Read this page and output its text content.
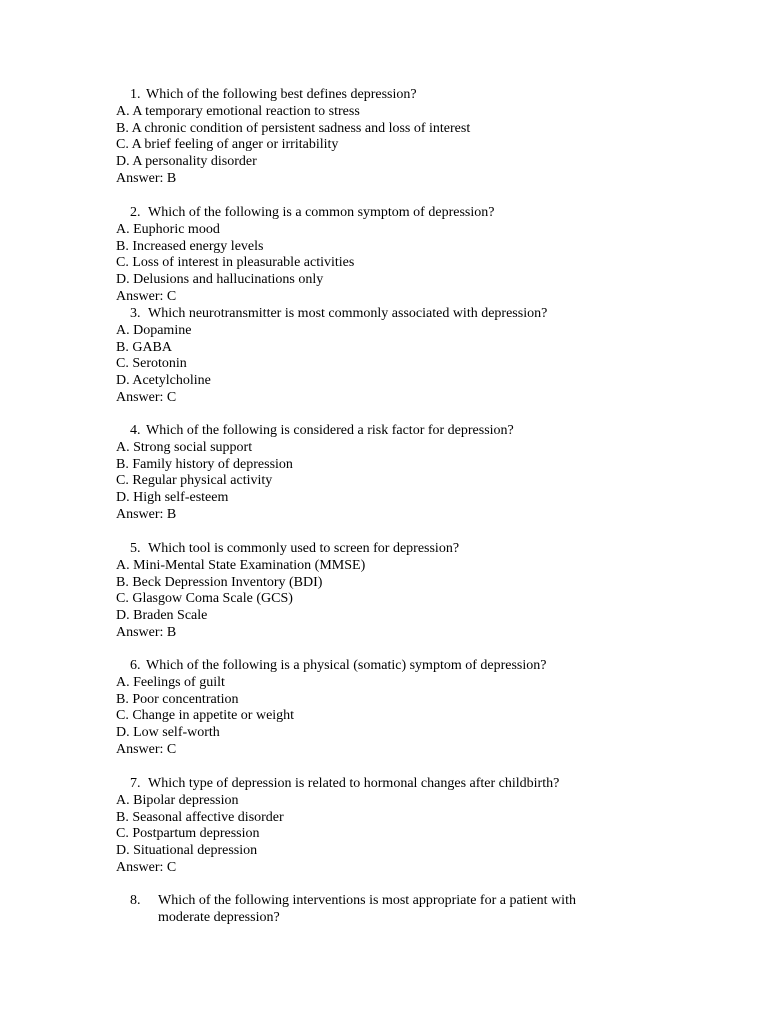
1. Which of the following best defines depression?
A. A temporary emotional reaction to stress
B. A chronic condition of persistent sadness and loss of interest
C. A brief feeling of anger or irritability
D. A personality disorder
Answer: B
2. Which of the following is a common symptom of depression?
A. Euphoric mood
B. Increased energy levels
C. Loss of interest in pleasurable activities
D. Delusions and hallucinations only
Answer: C
3. Which neurotransmitter is most commonly associated with depression?
A. Dopamine
B. GABA
C. Serotonin
D. Acetylcholine
Answer: C
4. Which of the following is considered a risk factor for depression?
A. Strong social support
B. Family history of depression
C. Regular physical activity
D. High self-esteem
Answer: B
5. Which tool is commonly used to screen for depression?
A. Mini-Mental State Examination (MMSE)
B. Beck Depression Inventory (BDI)
C. Glasgow Coma Scale (GCS)
D. Braden Scale
Answer: B
6. Which of the following is a physical (somatic) symptom of depression?
A. Feelings of guilt
B. Poor concentration
C. Change in appetite or weight
D. Low self-worth
Answer: C
7. Which type of depression is related to hormonal changes after childbirth?
A. Bipolar depression
B. Seasonal affective disorder
C. Postpartum depression
D. Situational depression
Answer: C
8.	Which of the following interventions is most appropriate for a patient with moderate depression?
